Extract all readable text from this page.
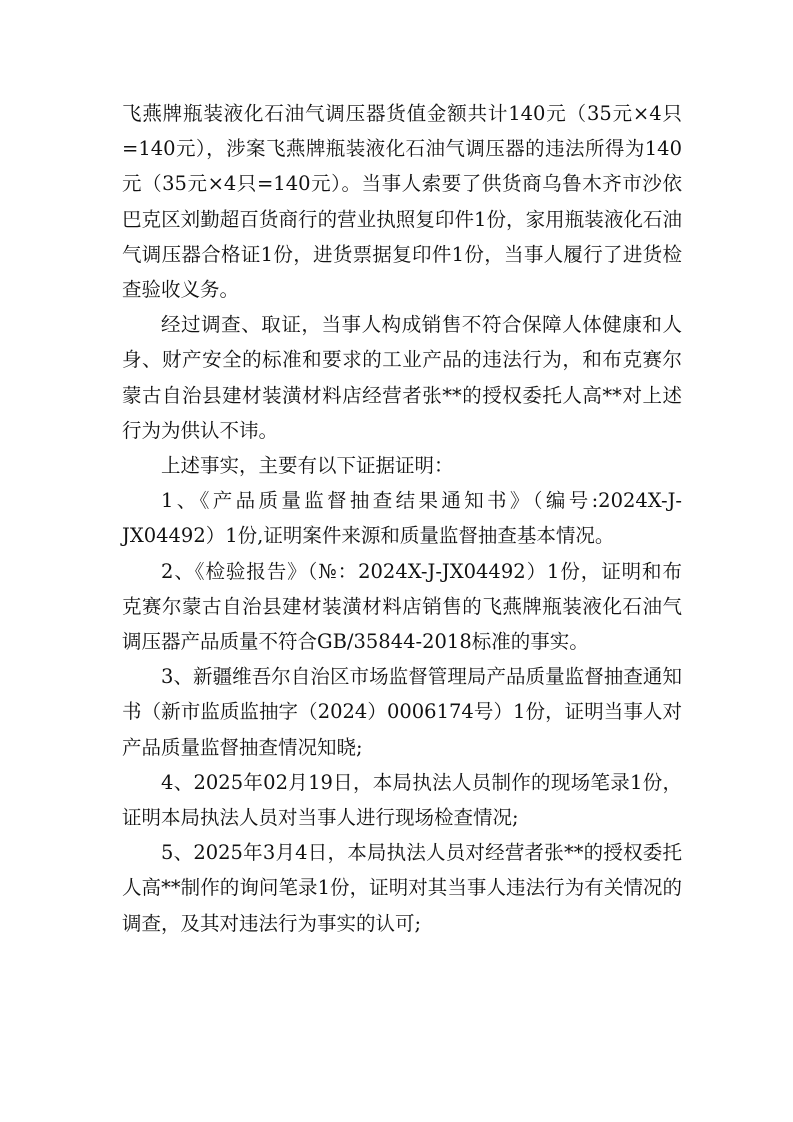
飞燕牌瓶装液化石油气调压器货值金额共计140元（35元×4只=140元），涉案飞燕牌瓶装液化石油气调压器的违法所得为140元（35元×4只=140元）。当事人索要了供货商乌鲁木齐市沙依巴克区刘勤超百货商行的营业执照复印件1份，家用瓶装液化石油气调压器合格证1份，进货票据复印件1份，当事人履行了进货检查验收义务。

经过调查、取证，当事人构成销售不符合保障人体健康和人身、财产安全的标准和要求的工业产品的违法行为，和布克赛尔蒙古自治县建材装潢材料店经营者张**的授权委托人高**对上述行为为供认不讳。

上述事实，主要有以下证据证明：

1、《产品质量监督抽查结果通知书》（编号:2024X-J-JX04492）1份,证明案件来源和质量监督抽查基本情况。

2、《检验报告》（№：2024X-J-JX04492）1份，证明和布克赛尔蒙古自治县建材装潢材料店销售的飞燕牌瓶装液化石油气调压器产品质量不符合GB/35844-2018标准的事实。

3、新疆维吾尔自治区市场监督管理局产品质量监督抽查通知书（新市监质监抽字（2024）0006174号）1份，证明当事人对产品质量监督抽查情况知晓;

4、2025年02月19日，本局执法人员制作的现场笔录1份，证明本局执法人员对当事人进行现场检查情况;

5、2025年3月4日，本局执法人员对经营者张**的授权委托人高**制作的询问笔录1份，证明对其当事人违法行为有关情况的调查，及其对违法行为事实的认可;
